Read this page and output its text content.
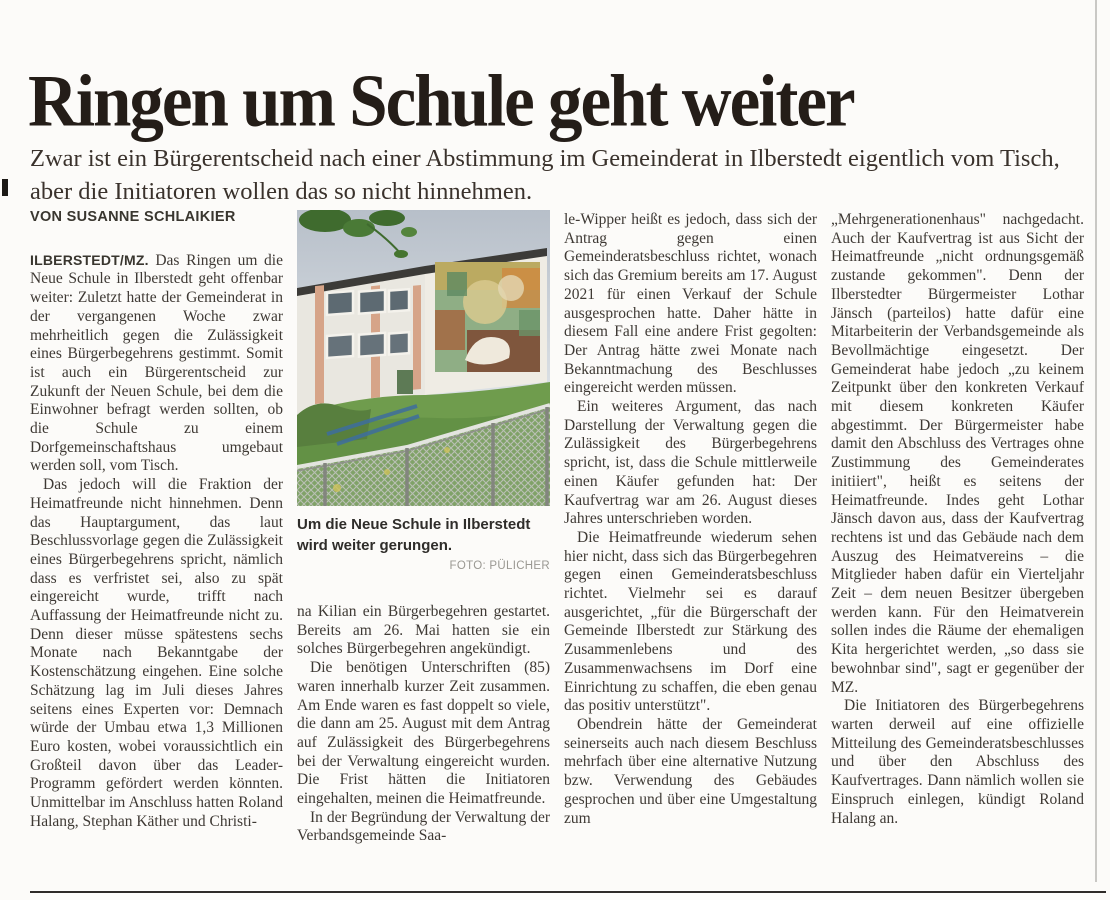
Ringen um Schule geht weiter

Zwar ist ein Bürgerentscheid nach einer Abstimmung im Gemeinderat in Ilberstedt eigentlich vom Tisch, aber die Initiatoren wollen das so nicht hinnehmen.

VON SUSANNE SCHLAIKIER

ILBERSTEDT/MZ. Das Ringen um die Neue Schule in Ilberstedt geht offenbar weiter: Zuletzt hatte der Gemeinderat in der vergangenen Woche zwar mehrheitlich gegen die Zulässigkeit eines Bürgerbegehrens gestimmt. Somit ist auch ein Bürgerentscheid zur Zukunft der Neuen Schule, bei dem die Einwohner befragt werden sollten, ob die Schule zu einem Dorfgemeinschaftshaus umgebaut werden soll, vom Tisch.

Das jedoch will die Fraktion der Heimatfreunde nicht hinnehmen. Denn das Hauptargument, das laut Beschlussvorlage gegen die Zulässigkeit eines Bürgerbegehrens spricht, nämlich dass es verfristet sei, also zu spät eingereicht wurde, trifft nach Auffassung der Heimatfreunde nicht zu. Denn dieser müsse spätestens sechs Monate nach Bekanntgabe der Kostenschätzung eingehen. Eine solche Schätzung lag im Juli dieses Jahres seitens eines Experten vor: Demnach würde der Umbau etwa 1,3 Millionen Euro kosten, wobei voraussichtlich ein Großteil davon über das Leader-Programm gefördert werden könnten. Unmittelbar im Anschluss hatten Roland Halang, Stephan Käther und Christi-

Um die Neue Schule in Ilberstedt wird weiter gerungen.
FOTO: PÜLICHER

na Kilian ein Bürgerbegehren gestartet. Bereits am 26. Mai hatten sie ein solches Bürgerbegehren angekündigt.

Die benötigen Unterschriften (85) waren innerhalb kurzer Zeit zusammen. Am Ende waren es fast doppelt so viele, die dann am 25. August mit dem Antrag auf Zulässigkeit des Bürgerbegehrens bei der Verwaltung eingereicht wurden. Die Frist hätten die Initiatoren eingehalten, meinen die Heimatfreunde.

In der Begründung der Verwaltung der Verbandsgemeinde Saa-

le-Wipper heißt es jedoch, dass sich der Antrag gegen einen Gemeinderatsbeschluss richtet, wonach sich das Gremium bereits am 17. August 2021 für einen Verkauf der Schule ausgesprochen hatte. Daher hätte in diesem Fall eine andere Frist gegolten: Der Antrag hätte zwei Monate nach Bekanntmachung des Beschlusses eingereicht werden müssen.

Ein weiteres Argument, das nach Darstellung der Verwaltung gegen die Zulässigkeit des Bürgerbegehrens spricht, ist, dass die Schule mittlerweile einen Käufer gefunden hat: Der Kaufvertrag war am 26. August dieses Jahres unterschrieben worden.

Die Heimatfreunde wiederum sehen hier nicht, dass sich das Bürgerbegehren gegen einen Gemeinderatsbeschluss richtet. Vielmehr sei es darauf ausgerichtet, „für die Bürgerschaft der Gemeinde Ilberstedt zur Stärkung des Zusammenlebens und des Zusammenwachsens im Dorf eine Einrichtung zu schaffen, die eben genau das positiv unterstützt".

Obendrein hätte der Gemeinderat seinerseits auch nach diesem Beschluss mehrfach über eine alternative Nutzung bzw. Verwendung des Gebäudes gesprochen und über eine Umgestaltung zum

„Mehrgenerationenhaus" nachgedacht. Auch der Kaufvertrag ist aus Sicht der Heimatfreunde „nicht ordnungsgemäß zustande gekommen". Denn der Ilberstedter Bürgermeister Lothar Jänsch (parteilos) hatte dafür eine Mitarbeiterin der Verbandsgemeinde als Bevollmächtige eingesetzt. Der Gemeinderat habe jedoch „zu keinem Zeitpunkt über den konkreten Verkauf mit diesem konkreten Käufer abgestimmt. Der Bürgermeister habe damit den Abschluss des Vertrages ohne Zustimmung des Gemeinderates initiiert", heißt es seitens der Heimatfreunde. Indes geht Lothar Jänsch davon aus, dass der Kaufvertrag rechtens ist und das Gebäude nach dem Auszug des Heimatvereins – die Mitglieder haben dafür ein Vierteljahr Zeit – dem neuen Besitzer übergeben werden kann. Für den Heimatverein sollen indes die Räume der ehemaligen Kita hergerichtet werden, „so dass sie bewohnbar sind", sagt er gegenüber der MZ.

Die Initiatoren des Bürgerbegehrens warten derweil auf eine offizielle Mitteilung des Gemeinderatsbeschlusses und über den Abschluss des Kaufvertrages. Dann nämlich wollen sie Einspruch einlegen, kündigt Roland Halang an.
